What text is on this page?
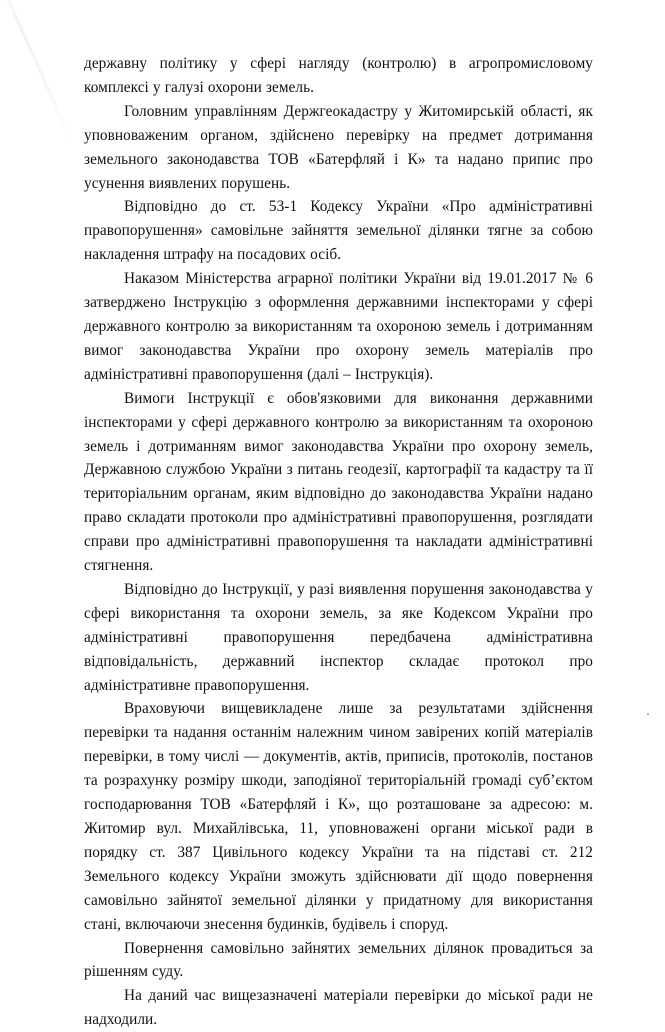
державну політику у сфері нагляду (контролю) в агропромисловому комплексі у галузі охорони земель.

Головним управлінням Держгеокадастру у Житомирській області, як уповноваженим органом, здійснено перевірку на предмет дотримання земельного законодавства ТОВ «Батерфляй і К» та надано припис про усунення виявлених порушень.

Відповідно до ст. 53-1 Кодексу України «Про адміністративні правопорушення» самовільне зайняття земельної ділянки тягне за собою накладення штрафу на посадових осіб.

Наказом Міністерства аграрної політики України від 19.01.2017 № 6 затверджено Інструкцію з оформлення державними інспекторами у сфері державного контролю за використанням та охороною земель і дотриманням вимог законодавства України про охорону земель матеріалів про адміністративні правопорушення (далі – Інструкція).

Вимоги Інструкції є обов'язковими для виконання державними інспекторами у сфері державного контролю за використанням та охороною земель і дотриманням вимог законодавства України про охорону земель, Державною службою України з питань геодезії, картографії та кадастру та її територіальним органам, яким відповідно до законодавства України надано право складати протоколи про адміністративні правопорушення, розглядати справи про адміністративні правопорушення та накладати адміністративні стягнення.

Відповідно до Інструкції, у разі виявлення порушення законодавства у сфері використання та охорони земель, за яке Кодексом України про адміністративні правопорушення передбачена адміністративна відповідальність, державний інспектор складає протокол про адміністративне правопорушення.

Враховуючи вищевикладене лише за результатами здійснення перевірки та надання останнім належним чином завірених копій матеріалів перевірки, в тому числі — документів, актів, приписів, протоколів, постанов та розрахунку розміру шкоди, заподіяної територіальній громаді суб’єктом господарювання ТОВ «Батерфляй і К», що розташоване за адресою: м. Житомир вул. Михайлівська, 11, уповноважені органи міської ради в порядку ст. 387 Цивільного кодексу України та на підставі ст. 212 Земельного кодексу України зможуть здійснювати дії щодо повернення самовільно зайнятої земельної ділянки у придатному для використання стані, включаючи знесення будинків, будівель і споруд.

Повернення самовільно зайнятих земельних ділянок провадиться за рішенням суду.

На даний час вищезазначені матеріали перевірки до міської ради не надходили.
